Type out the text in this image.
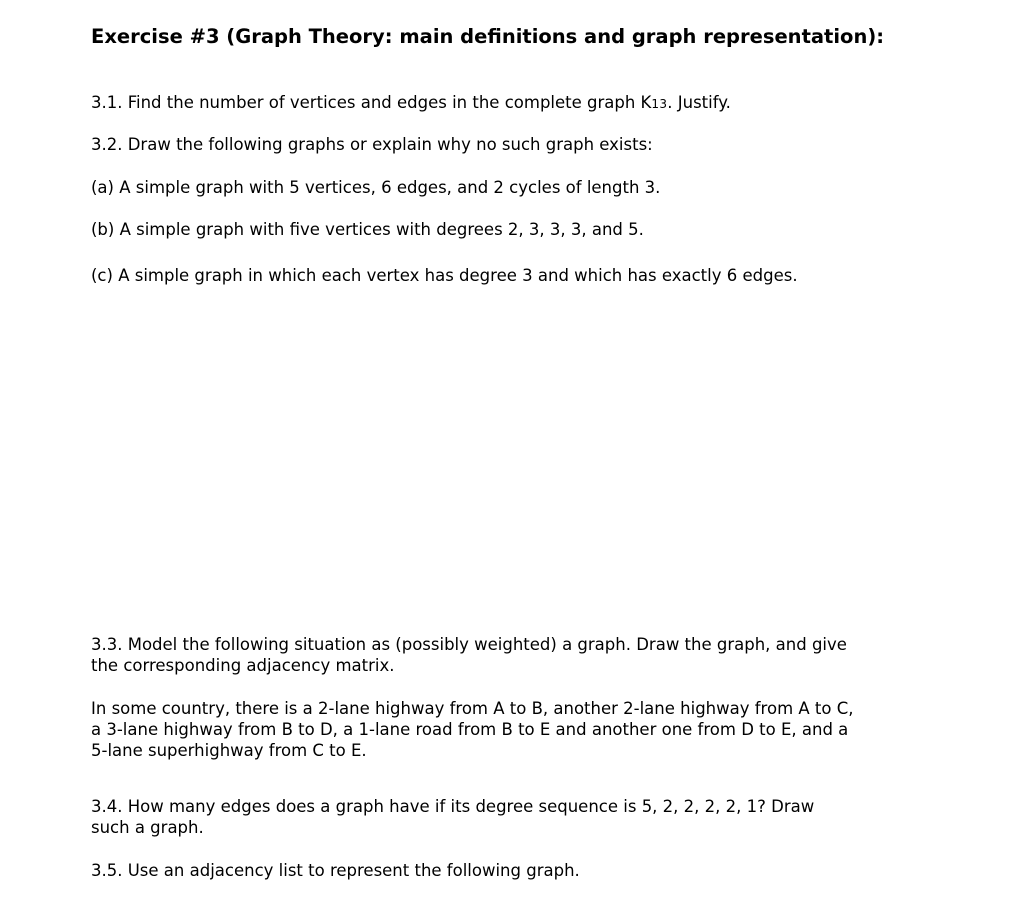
Exercise #3 (Graph Theory: main definitions and graph representation):
3.1. Find the number of vertices and edges in the complete graph K13. Justify.
3.2. Draw the following graphs or explain why no such graph exists:
(a) A simple graph with 5 vertices, 6 edges, and 2 cycles of length 3.
(b) A simple graph with five vertices with degrees 2, 3, 3, 3, and 5.
(c) A simple graph in which each vertex has degree 3 and which has exactly 6 edges.
3.3. Model the following situation as (possibly weighted) a graph. Draw the graph, and give
the corresponding adjacency matrix.
In some country, there is a 2-lane highway from A to B, another 2-lane highway from A to C,
a 3-lane highway from B to D, a 1-lane road from B to E and another one from D to E, and a
5-lane superhighway from C to E.
3.4. How many edges does a graph have if its degree sequence is 5, 2, 2, 2, 2, 1? Draw
such a graph.
3.5. Use an adjacency list to represent the following graph.
